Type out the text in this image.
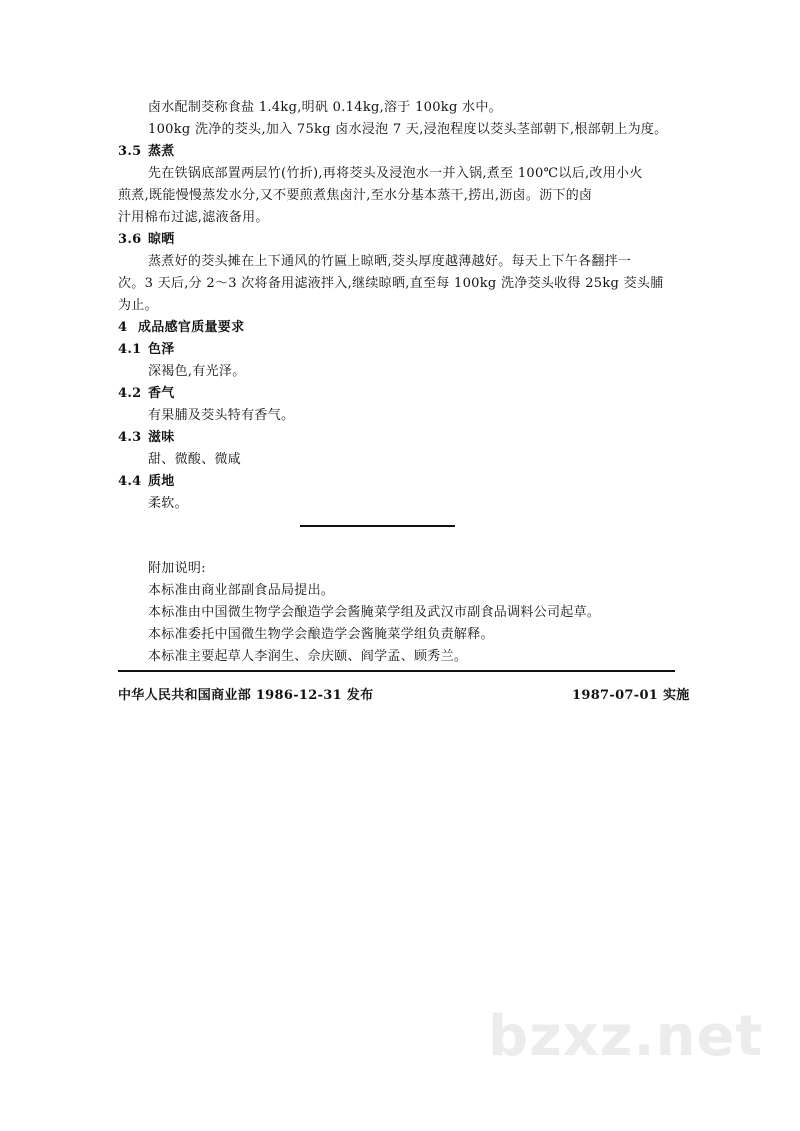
卤水配制茭称食盐 1.4kg,明矾 0.14kg,溶于 100kg 水中。
100kg 洗净的茭头,加入 75kg 卤水浸泡 7 天,浸泡程度以茭头茎部朝下,根部朝上为度。
3.5 蒸煮
先在铁锅底部置两层竹(竹折),再将茭头及浸泡水一并入锅,煮至 100℃以后,改用小火
煎煮,既能慢慢蒸发水分,又不要煎煮焦卤汁,至水分基本蒸干,捞出,沥卤。沥下的卤
汁用棉布过滤,滤液备用。
3.6 晾晒
蒸煮好的茭头摊在上下通风的竹匾上晾晒,茭头厚度越薄越好。每天上下午各翻拌一
次。3 天后,分 2～3 次将备用滤液拌入,继续晾晒,直至每 100kg 洗净茭头收得 25kg 茭头脯
为止。
4 成品感官质量要求
4.1 色泽
深褐色,有光泽。
4.2 香气
有果脯及茭头特有香气。
4.3 滋味
甜、微酸、微咸
4.4 质地
柔软。
附加说明:
本标准由商业部副食品局提出。
本标准由中国微生物学会酿造学会酱腌菜学组及武汉市副食品调料公司起草。
本标准委托中国微生物学会酿造学会酱腌菜学组负责解释。
本标准主要起草人李润生、佘庆颐、阎学孟、顾秀兰。
中华人民共和国商业部 1986-12-31 发布	1987-07-01 实施
bzxz.net
